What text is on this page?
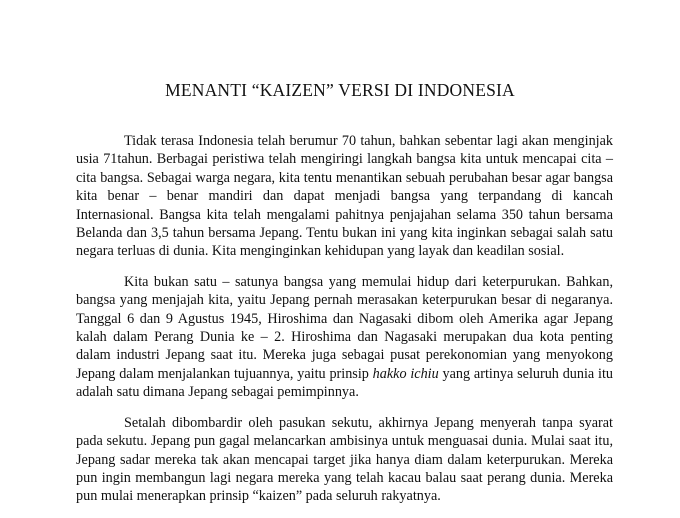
MENANTI “KAIZEN” VERSI DI INDONESIA

Tidak terasa Indonesia telah berumur 70 tahun, bahkan sebentar lagi akan menginjak usia 71tahun. Berbagai peristiwa telah mengiringi langkah bangsa kita untuk mencapai cita – cita bangsa. Sebagai warga negara, kita tentu menantikan sebuah perubahan besar agar bangsa kita benar – benar mandiri dan dapat menjadi bangsa yang terpandang di kancah Internasional. Bangsa kita telah mengalami pahitnya penjajahan selama 350 tahun bersama Belanda dan 3,5 tahun bersama Jepang. Tentu bukan ini yang kita inginkan sebagai salah satu negara terluas di dunia. Kita menginginkan kehidupan yang layak dan keadilan sosial.

Kita bukan satu – satunya bangsa yang memulai hidup dari keterpurukan. Bahkan, bangsa yang menjajah kita, yaitu Jepang pernah merasakan keterpurukan besar di negaranya. Tanggal 6 dan 9 Agustus 1945, Hiroshima dan Nagasaki dibom oleh Amerika agar Jepang kalah dalam Perang Dunia ke – 2. Hiroshima dan Nagasaki merupakan dua kota penting dalam industri Jepang saat itu. Mereka juga sebagai pusat perekonomian yang menyokong Jepang dalam menjalankan tujuannya, yaitu prinsip hakko ichiu yang artinya seluruh dunia itu adalah satu dimana Jepang sebagai pemimpinnya.

Setalah dibombardir oleh pasukan sekutu, akhirnya Jepang menyerah tanpa syarat pada sekutu. Jepang pun gagal melancarkan ambisinya untuk menguasai dunia. Mulai saat itu, Jepang sadar mereka tak akan mencapai target jika hanya diam dalam keterpurukan. Mereka pun ingin membangun lagi negara mereka yang telah kacau balau saat perang dunia. Mereka pun mulai menerapkan prinsip “kaizen” pada seluruh rakyatnya.
